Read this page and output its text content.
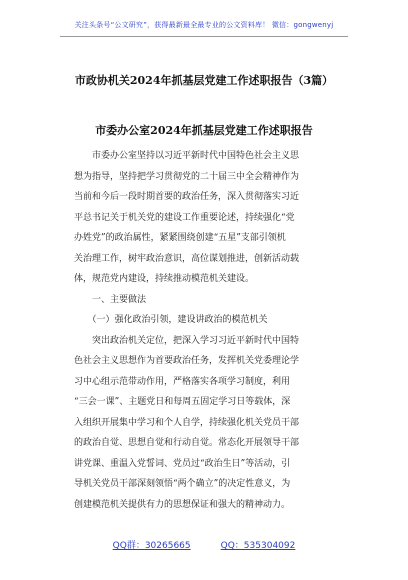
关注头条号“公文研究”，获得最新最全最专业的公文资料库！ 微信：gongwenyj
市政协机关2024年抓基层党建工作述职报告（3篇）
市委办公室2024年抓基层党建工作述职报告
　　市委办公室坚持以习近平新时代中国特色社会主义思
想为指导，坚持把学习贯彻党的二十届三中全会精神作为
当前和今后一段时期首要的政治任务，深入贯彻落实习近
平总书记关于机关党的建设工作重要论述，持续强化“党
办姓党”的政治属性，紧紧围绕创建“五星”支部引领机
关治理工作，树牢政治意识，高位谋划推进，创新活动载
体，规范党内建设，持续推动模范机关建设。
　　一、主要做法
　　（一）强化政治引领，建设讲政治的模范机关
　　突出政治机关定位，把深入学习习近平新时代中国特
色社会主义思想作为首要政治任务，发挥机关党委理论学
习中心组示范带动作用，严格落实各项学习制度，利用
“三会一课”、主题党日和每周五固定学习日等载体，深
入组织开展集中学习和个人自学，持续强化机关党员干部
的政治自觉、思想自觉和行动自觉。常态化开展领导干部
讲党课、重温入党誓词、党员过“政治生日”等活动，引
导机关党员干部深刻领悟“两个确立”的决定性意义，为
创建模范机关提供有力的思想保证和强大的精神动力。
QQ群：30265665	QQ：535304092
